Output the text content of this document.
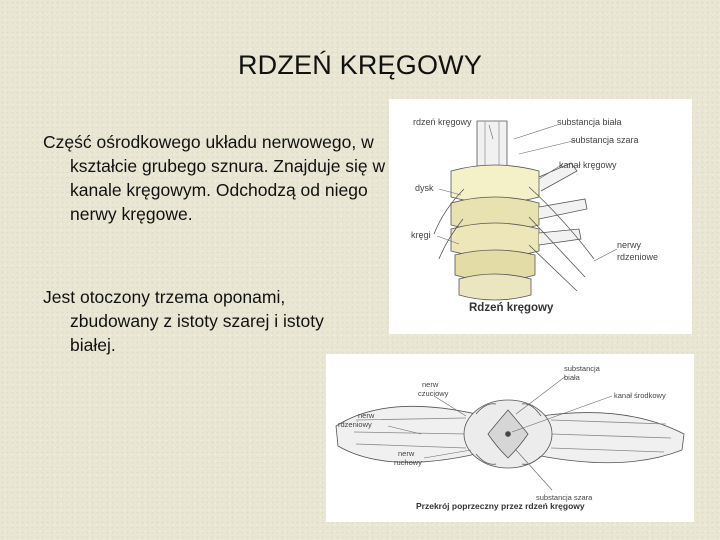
RDZEŃ KRĘGOWY
Część ośrodkowego układu nerwowego, w kształcie grubego sznura. Znajduje się w kanale kręgowym. Odchodzą od niego nerwy kręgowe.
Jest otoczony trzema oponami, zbudowany z istoty szarej i istoty białej.
rdzeń kręgowy	substancja biała
substancja szara
kanał kręgowy
dysk
kręgi
nerwy
rdzeniowe
Rdzeń kręgowy
nerw
czuciowy
nerw
rdzeniowy
nerw
ruchowy
substancja
biała
kanał środkowy
substancja szara
Przekrój poprzeczny przez rdzeń kręgowy
